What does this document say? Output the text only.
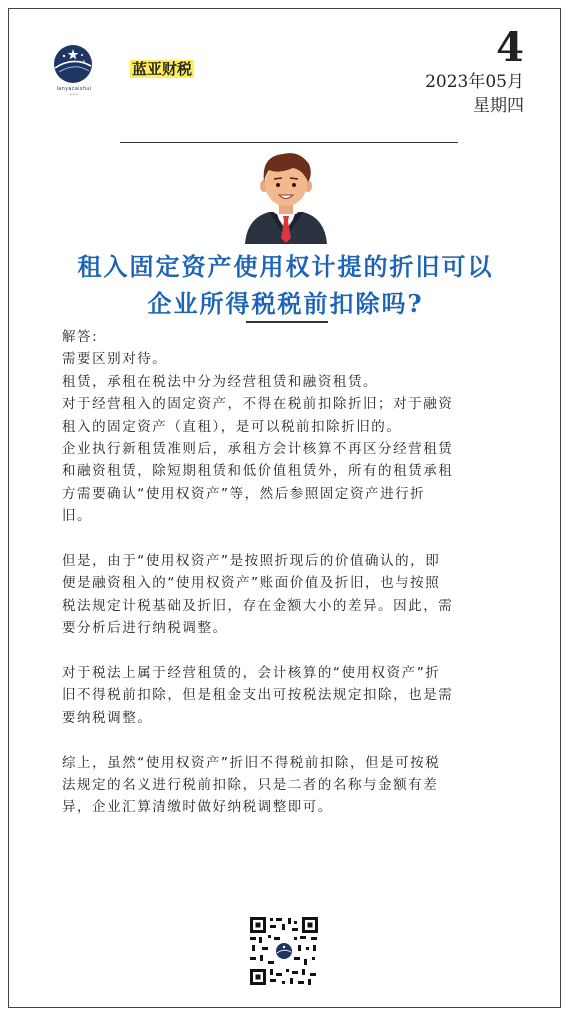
lanyacaishui
www
蓝亚财税	4
2023年05月
星期四
租入固定资产使用权计提的折旧可以
企业所得税税前扣除吗?

解答:

需要区别对待。

租赁，承租在税法中分为经营租赁和融资租赁。

对于经营租入的固定资产，不得在税前扣除折旧；对于融资

租入的固定资产（直租），是可以税前扣除折旧的。

企业执行新租赁准则后，承租方会计核算不再区分经营租赁

和融资租赁，除短期租赁和低价值租赁外，所有的租赁承租

方需要确认“使用权资产”等，然后参照固定资产进行折

旧。

但是，由于“使用权资产”是按照折现后的价值确认的，即

便是融资租入的“使用权资产”账面价值及折旧，也与按照

税法规定计税基础及折旧，存在金额大小的差异。因此，需

要分析后进行纳税调整。

对于税法上属于经营租赁的，会计核算的“使用权资产”折

旧不得税前扣除，但是租金支出可按税法规定扣除，也是需

要纳税调整。

综上，虽然“使用权资产”折旧不得税前扣除，但是可按税

法规定的名义进行税前扣除，只是二者的名称与金额有差

异，企业汇算清缴时做好纳税调整即可。
